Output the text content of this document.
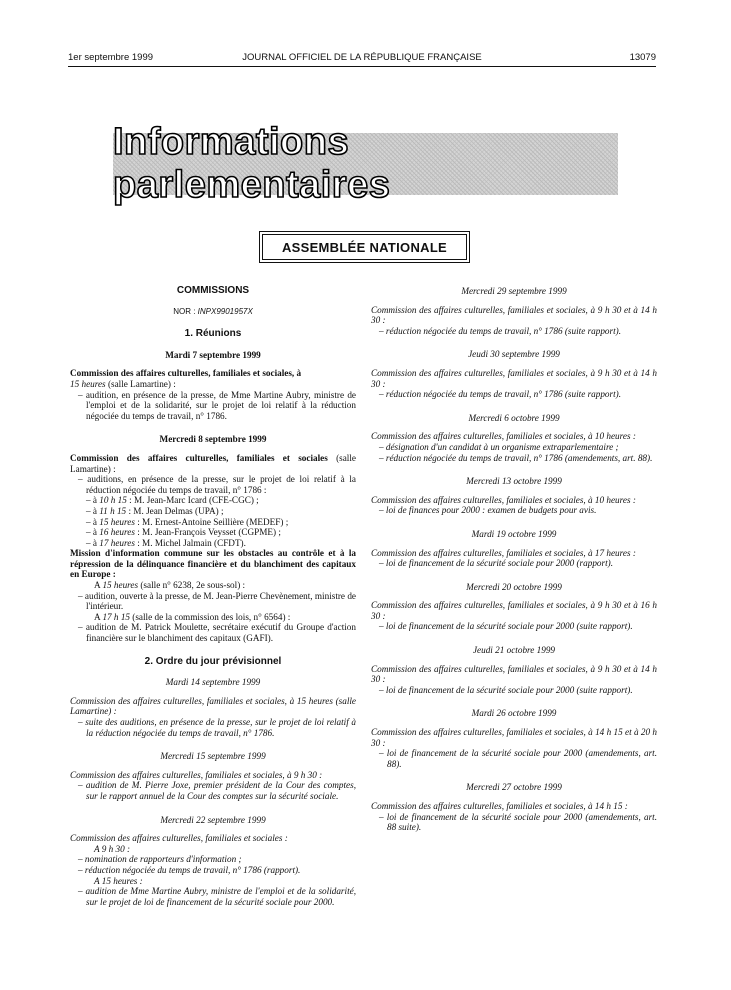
1er septembre 1999	JOURNAL OFFICIEL DE LA RÉPUBLIQUE FRANÇAISE	13079
Informations parlementaires
ASSEMBLÉE NATIONALE
COMMISSIONS
NOR : INPX9901957X
1. Réunions
Mardi 7 septembre 1999

Commission des affaires culturelles, familiales et sociales, à
15 heures (salle Lamartine) :

– audition, en présence de la presse, de Mme Martine Aubry, ministre de l'emploi et de la solidarité, sur le projet de loi relatif à la réduction négociée du temps de travail, n° 1786.

Mercredi 8 septembre 1999

Commission des affaires culturelles, familiales et sociales (salle Lamartine) :

– auditions, en présence de la presse, sur le projet de loi relatif à la réduction négociée du temps de travail, n° 1786 :

– à 10 h 15 : M. Jean-Marc Icard (CFE-CGC) ;

– à 11 h 15 : M. Jean Delmas (UPA) ;

– à 15 heures : M. Ernest-Antoine Seillière (MEDEF) ;

– à 16 heures : M. Jean-François Veysset (CGPME) ;

– à 17 heures : M. Michel Jalmain (CFDT).

Mission d'information commune sur les obstacles au contrôle et à la répression de la délinquance financière et du blanchiment des capitaux en Europe :

A 15 heures (salle n° 6238, 2e sous-sol) :

– audition, ouverte à la presse, de M. Jean-Pierre Chevènement, ministre de l'intérieur.

A 17 h 15 (salle de la commission des lois, n° 6564) :

– audition de M. Patrick Moulette, secrétaire exécutif du Groupe d'action financière sur le blanchiment des capitaux (GAFI).

2. Ordre du jour prévisionnel
Mardi 14 septembre 1999

Commission des affaires culturelles, familiales et sociales, à 15 heures (salle Lamartine) :

– suite des auditions, en présence de la presse, sur le projet de loi relatif à la réduction négociée du temps de travail, n° 1786.

Mercredi 15 septembre 1999

Commission des affaires culturelles, familiales et sociales, à 9 h 30 :

– audition de M. Pierre Joxe, premier président de la Cour des comptes, sur le rapport annuel de la Cour des comptes sur la sécurité sociale.

Mercredi 22 septembre 1999

Commission des affaires culturelles, familiales et sociales :

A 9 h 30 :

– nomination de rapporteurs d'information ;

– réduction négociée du temps de travail, n° 1786 (rapport).

A 15 heures :

– audition de Mme Martine Aubry, ministre de l'emploi et de la solidarité, sur le projet de loi de financement de la sécurité sociale pour 2000.

Mercredi 29 septembre 1999

Commission des affaires culturelles, familiales et sociales, à 9 h 30 et à 14 h 30 :

– réduction négociée du temps de travail, n° 1786 (suite rapport).

Jeudi 30 septembre 1999

Commission des affaires culturelles, familiales et sociales, à 9 h 30 et à 14 h 30 :

– réduction négociée du temps de travail, n° 1786 (suite rapport).

Mercredi 6 octobre 1999

Commission des affaires culturelles, familiales et sociales, à 10 heures :

– désignation d'un candidat à un organisme extraparlementaire ;

– réduction négociée du temps de travail, n° 1786 (amendements, art. 88).

Mercredi 13 octobre 1999

Commission des affaires culturelles, familiales et sociales, à 10 heures :

– loi de finances pour 2000 : examen de budgets pour avis.

Mardi 19 octobre 1999

Commission des affaires culturelles, familiales et sociales, à 17 heures :

– loi de financement de la sécurité sociale pour 2000 (rapport).

Mercredi 20 octobre 1999

Commission des affaires culturelles, familiales et sociales, à 9 h 30 et à 16 h 30 :

– loi de financement de la sécurité sociale pour 2000 (suite rapport).

Jeudi 21 octobre 1999

Commission des affaires culturelles, familiales et sociales, à 9 h 30 et à 14 h 30 :

– loi de financement de la sécurité sociale pour 2000 (suite rapport).

Mardi 26 octobre 1999

Commission des affaires culturelles, familiales et sociales, à 14 h 15 et à 20 h 30 :

– loi de financement de la sécurité sociale pour 2000 (amendements, art. 88).

Mercredi 27 octobre 1999

Commission des affaires culturelles, familiales et sociales, à 14 h 15 :

– loi de financement de la sécurité sociale pour 2000 (amendements, art. 88 suite).
